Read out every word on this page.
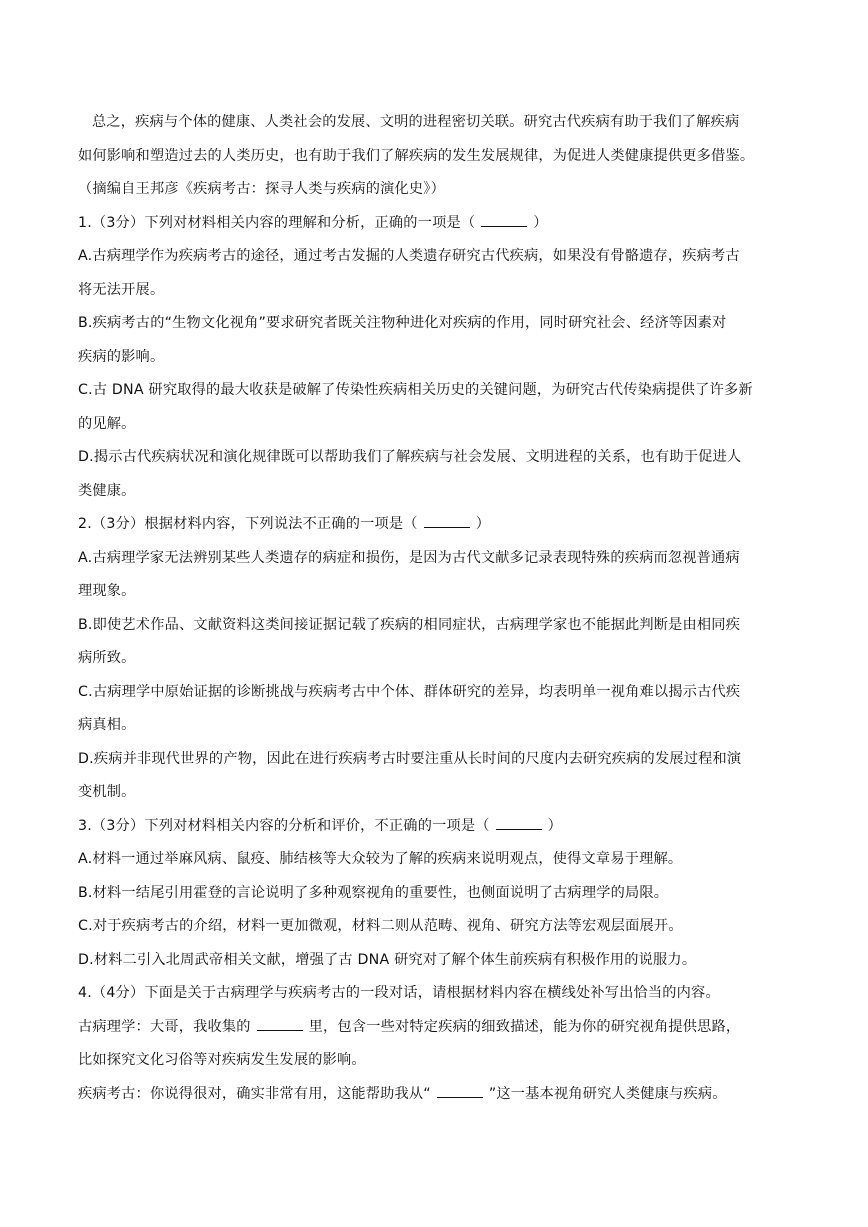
总之，疾病与个体的健康、人类社会的发展、文明的进程密切关联。研究古代疾病有助于我们了解疾病
如何影响和塑造过去的人类历史，也有助于我们了解疾病的发生发展规律，为促进人类健康提供更多借鉴。
（摘编自王邦彦《疾病考古：探寻人类与疾病的演化史》）
1.（3分）下列对材料相关内容的理解和分析，正确的一项是（	）
A.古病理学作为疾病考古的途径，通过考古发掘的人类遗存研究古代疾病，如果没有骨骼遗存，疾病考古
将无法开展。
B.疾病考古的“生物文化视角”要求研究者既关注物种进化对疾病的作用，同时研究社会、经济等因素对
疾病的影响。
C.古 DNA 研究取得的最大收获是破解了传染性疾病相关历史的关键问题，为研究古代传染病提供了许多新
的见解。
D.揭示古代疾病状况和演化规律既可以帮助我们了解疾病与社会发展、文明进程的关系，也有助于促进人
类健康。
2.（3分）根据材料内容，下列说法不正确的一项是（	）
A.古病理学家无法辨别某些人类遗存的病症和损伤，是因为古代文献多记录表现特殊的疾病而忽视普通病
理现象。
B.即使艺术作品、文献资料这类间接证据记载了疾病的相同症状，古病理学家也不能据此判断是由相同疾
病所致。
C.古病理学中原始证据的诊断挑战与疾病考古中个体、群体研究的差异，均表明单一视角难以揭示古代疾
病真相。
D.疾病并非现代世界的产物，因此在进行疾病考古时要注重从长时间的尺度内去研究疾病的发展过程和演
变机制。
3.（3分）下列对材料相关内容的分析和评价，不正确的一项是（	）
A.材料一通过举麻风病、鼠疫、肺结核等大众较为了解的疾病来说明观点，使得文章易于理解。
B.材料一结尾引用霍登的言论说明了多种观察视角的重要性，也侧面说明了古病理学的局限。
C.对于疾病考古的介绍，材料一更加微观，材料二则从范畴、视角、研究方法等宏观层面展开。
D.材料二引入北周武帝相关文献，增强了古 DNA 研究对了解个体生前疾病有积极作用的说服力。
4.（4分）下面是关于古病理学与疾病考古的一段对话，请根据材料内容在横线处补写出恰当的内容。
古病理学：大哥，我收集的	里，包含一些对特定疾病的细致描述，能为你的研究视角提供思路，
比如探究文化习俗等对疾病发生发展的影响。
疾病考古：你说得很对，确实非常有用，这能帮助我从“	”这一基本视角研究人类健康与疾病。
